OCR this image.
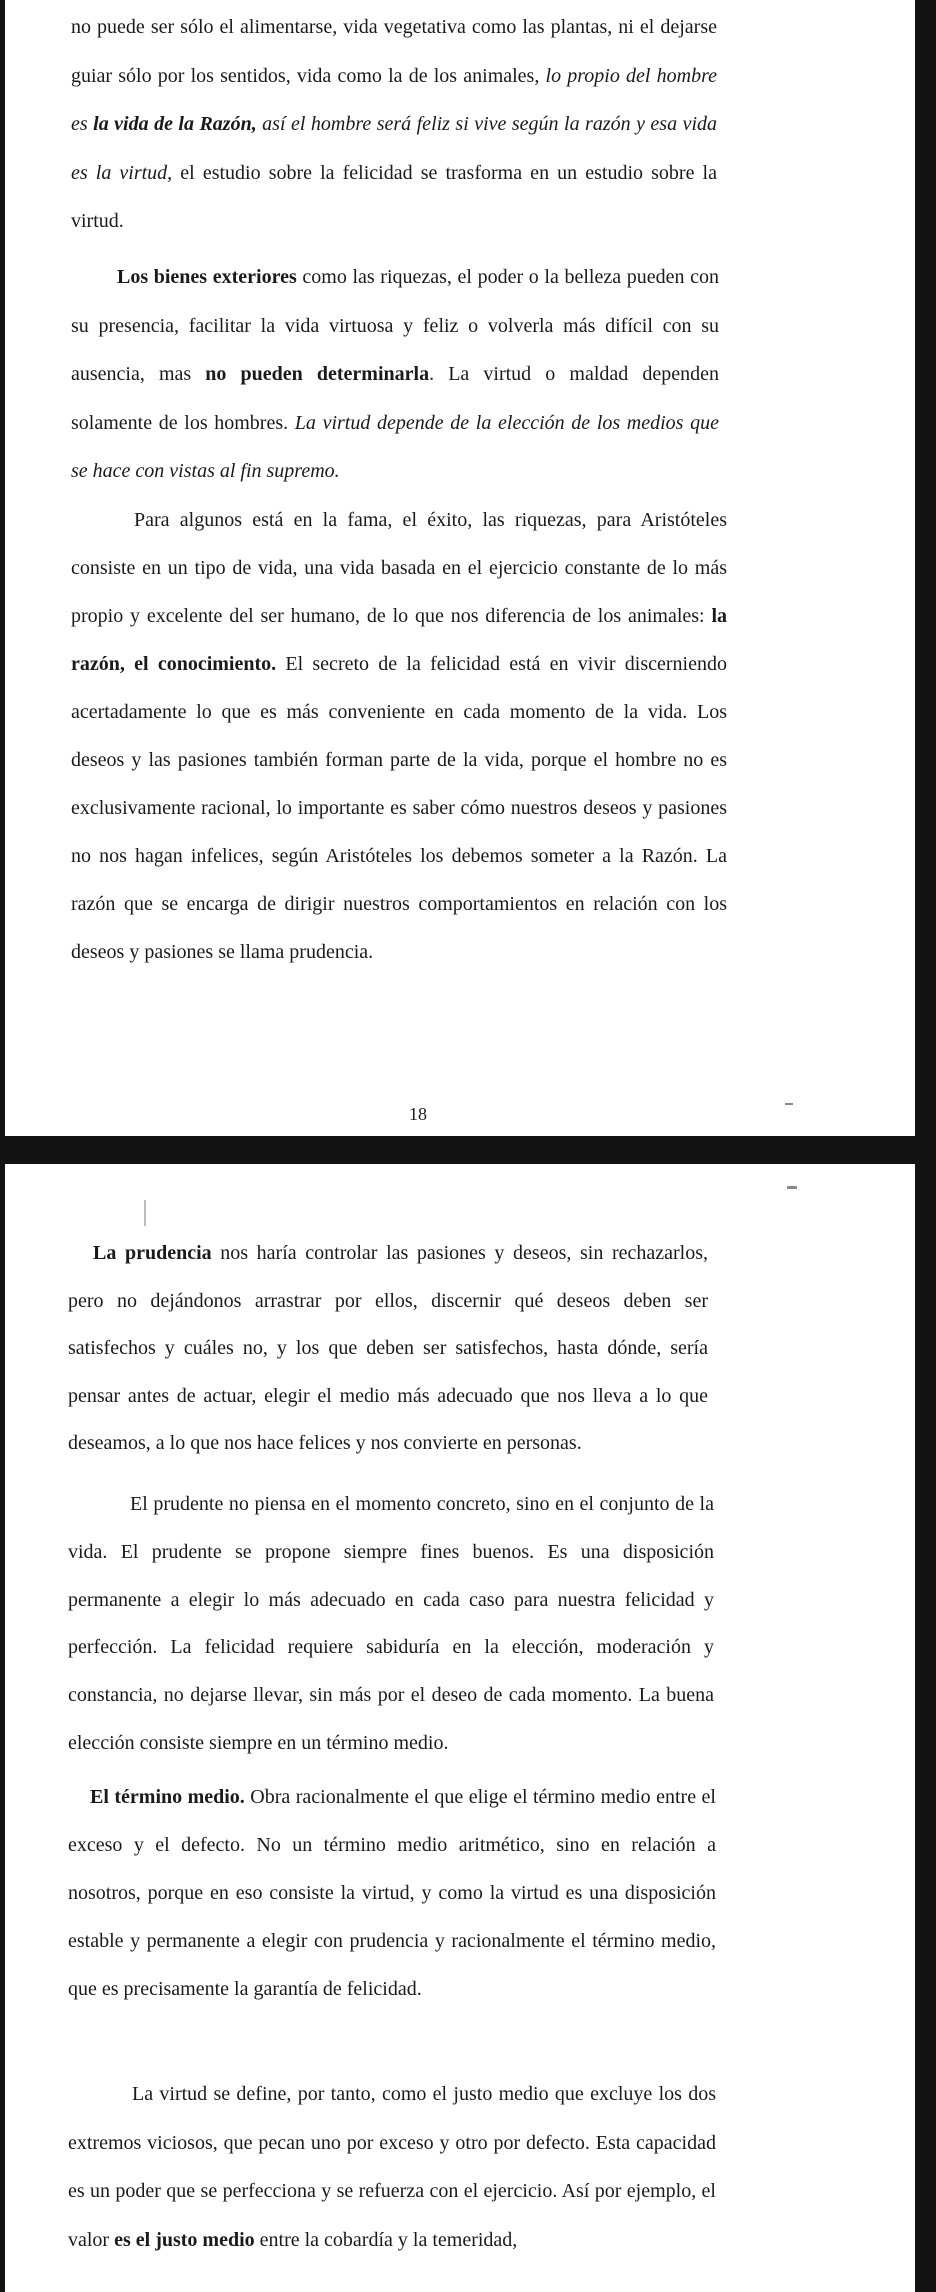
no puede ser sólo el alimentarse, vida vegetativa como las plantas, ni el dejarse guiar sólo por los sentidos, vida como la de los animales, lo propio del hombre es la vida de la Razón, así el hombre será feliz si vive según la razón y esa vida es la virtud, el estudio sobre la felicidad se trasforma en un estudio sobre la virtud.

Los bienes exteriores como las riquezas, el poder o la belleza pueden con su presencia, facilitar la vida virtuosa y feliz o volverla más difícil con su ausencia, mas no pueden determinarla. La virtud o maldad dependen solamente de los hombres. La virtud depende de la elección de los medios que se hace con vistas al fin supremo.

Para algunos está en la fama, el éxito, las riquezas, para Aristóteles consiste en un tipo de vida, una vida basada en el ejercicio constante de lo más propio y excelente del ser humano, de lo que nos diferencia de los animales: la razón, el conocimiento. El secreto de la felicidad está en vivir discerniendo acertadamente lo que es más conveniente en cada momento de la vida. Los deseos y las pasiones también forman parte de la vida, porque el hombre no es exclusivamente racional, lo importante es saber cómo nuestros deseos y pasiones no nos hagan infelices, según Aristóteles los debemos someter a la Razón. La razón que se encarga de dirigir nuestros comportamientos en relación con los deseos y pasiones se llama prudencia.

18

La prudencia nos haría controlar las pasiones y deseos, sin rechazarlos, pero no dejándonos arrastrar por ellos, discernir qué deseos deben ser satisfechos y cuáles no, y los que deben ser satisfechos, hasta dónde, sería pensar antes de actuar, elegir el medio más adecuado que nos lleva a lo que deseamos, a lo que nos hace felices y nos convierte en personas.

El prudente no piensa en el momento concreto, sino en el conjunto de la vida. El prudente se propone siempre fines buenos. Es una disposición permanente a elegir lo más adecuado en cada caso para nuestra felicidad y perfección. La felicidad requiere sabiduría en la elección, moderación y constancia, no dejarse llevar, sin más por el deseo de cada momento. La buena elección consiste siempre en un término medio.

El término medio. Obra racionalmente el que elige el término medio entre el exceso y el defecto. No un término medio aritmético, sino en relación a nosotros, porque en eso consiste la virtud, y como la virtud es una disposición estable y permanente a elegir con prudencia y racionalmente el término medio, que es precisamente la garantía de felicidad.

La virtud se define, por tanto, como el justo medio que excluye los dos extremos viciosos, que pecan uno por exceso y otro por defecto. Esta capacidad es un poder que se perfecciona y se refuerza con el ejercicio. Así por ejemplo, el valor es el justo medio entre la cobardía y la temeridad,
